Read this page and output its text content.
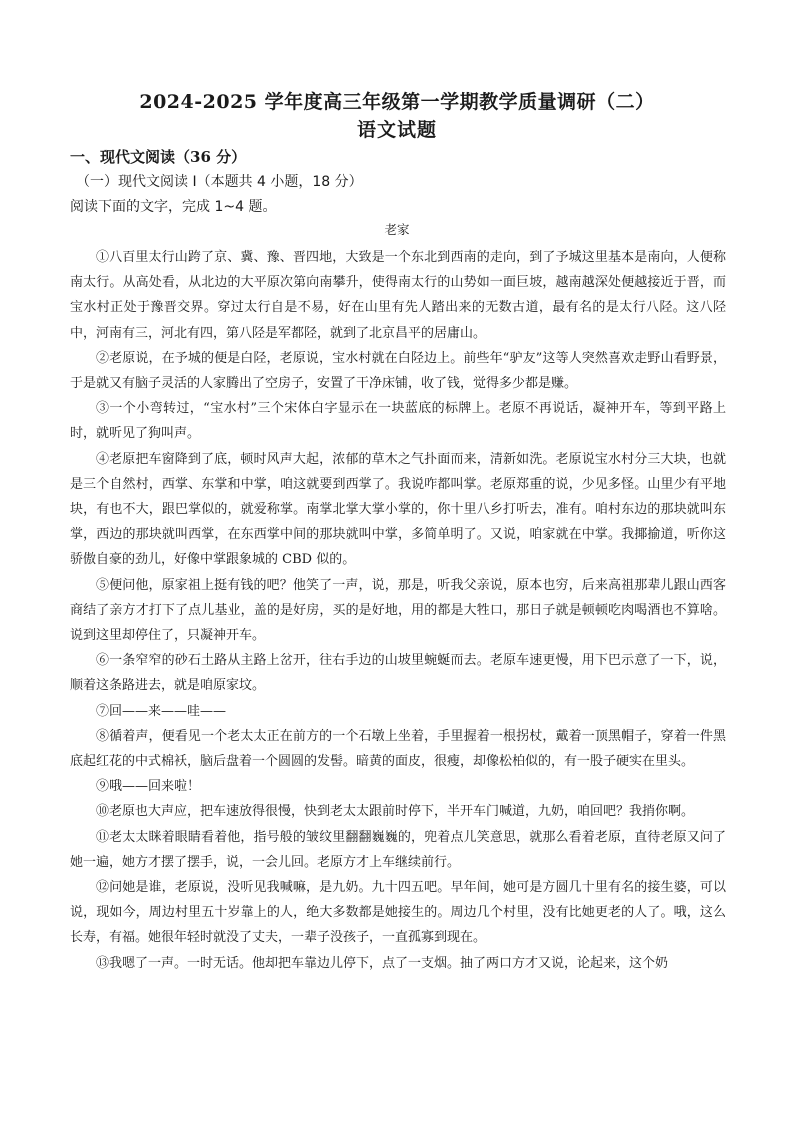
2024-2025 学年度高三年级第一学期教学质量调研（二）
语文试题
一、现代文阅读（36 分）
（一）现代文阅读 I（本题共 4 小题，18 分）
阅读下面的文字，完成 1~4 题。
老家

①八百里太行山跨了京、冀、豫、晋四地，大致是一个东北到西南的走向，到了予城这里基本是南向，人便称南太行。从高处看，从北边的大平原次第向南攀升，使得南太行的山势如一面巨坡，越南越深处便越接近于晋，而宝水村正处于豫晋交界。穿过太行自是不易，好在山里有先人踏出来的无数古道，最有名的是太行八陉。这八陉中，河南有三，河北有四，第八陉是军都陉，就到了北京昌平的居庸山。

②老原说，在予城的便是白陉，老原说，宝水村就在白陉边上。前些年“驴友”这等人突然喜欢走野山看野景，于是就又有脑子灵活的人家腾出了空房子，安置了干净床铺，收了钱，觉得多少都是赚。

③一个小弯转过，“宝水村”三个宋体白字显示在一块蓝底的标牌上。老原不再说话，凝神开车，等到平路上时，就听见了狗叫声。

④老原把车窗降到了底，顿时风声大起，浓郁的草木之气扑面而来，清新如洗。老原说宝水村分三大块，也就是三个自然村，西掌、东掌和中掌，咱这就要到西掌了。我说咋都叫掌。老原郑重的说，少见多怪。山里少有平地块，有也不大，跟巴掌似的，就爱称掌。南掌北掌大掌小掌的，你十里八乡打听去，准有。咱村东边的那块就叫东掌，西边的那块就叫西掌，在东西掌中间的那块就叫中掌，多简单明了。又说，咱家就在中掌。我揶揄道，听你这骄傲自豪的劲儿，好像中掌跟象城的 CBD 似的。

⑤便问他，原家祖上挺有钱的吧？他笑了一声，说，那是，听我父亲说，原本也穷，后来高祖那辈儿跟山西客商结了亲方才打下了点儿基业，盖的是好房，买的是好地，用的都是大牲口，那日子就是顿顿吃肉喝酒也不算啥。说到这里却停住了，只凝神开车。

⑥一条窄窄的砂石土路从主路上岔开，往右手边的山坡里蜿蜒而去。老原车速更慢，用下巴示意了一下，说，顺着这条路进去，就是咱原家坟。

⑦回——来——哇——

⑧循着声，便看见一个老太太正在前方的一个石墩上坐着，手里握着一根拐杖，戴着一顶黑帽子，穿着一件黑底起红花的中式棉袄，脑后盘着一个圆圆的发髻。暗黄的面皮，很瘦，却像松柏似的，有一股子硬实在里头。

⑨哦——回来啦！

⑩老原也大声应，把车速放得很慢，快到老太太跟前时停下，半开车门喊道，九奶，咱回吧？我捎你啊。

⑪老太太眯着眼睛看着他，指号般的皱纹里翻翻巍巍的，兜着点儿笑意思，就那么看着老原，直待老原又问了她一遍，她方才摆了摆手，说，一会儿回。老原方才上车继续前行。

⑫问她是谁，老原说，没听见我喊嘛，是九奶。九十四五吧。早年间，她可是方圆几十里有名的接生婆，可以说，现如今，周边村里五十岁靠上的人，绝大多数都是她接生的。周边几个村里，没有比她更老的人了。哦，这么长寿，有福。她很年轻时就没了丈夫，一辈子没孩子，一直孤寡到现在。

⑬我嗯了一声。一时无话。他却把车靠边儿停下，点了一支烟。抽了两口方才又说，论起来，这个奶
